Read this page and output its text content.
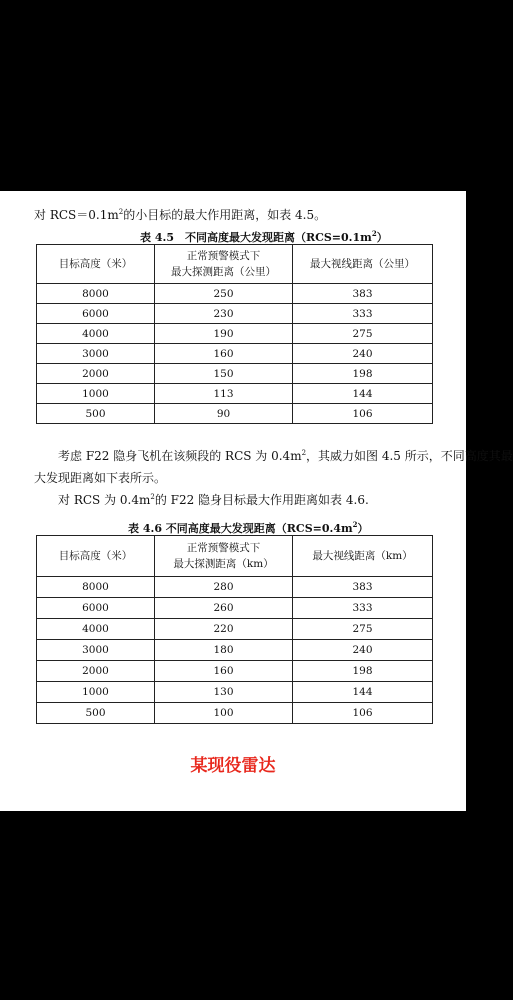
对 $RCS=0.1m^2$的小目标的最大作用距离，如表 4.5。

表 4.5　不同高度最大发现距离$(RCS=0.1m^2)$

目标高度（米）	正常预警模式下
最大探测距离（公里）	最大视线距离（公里）
8000	250	383
6000	230	333
4000	190	275
3000	160	240
2000	150	198
1000	113	144
500	90	106

　　考虑 F22 隐身飞机在该频段的 RCS 为 $0.4m^2$，其威力如图 4.5 所示，不同高度其最

大发现距离如下表所示。

　　对 RCS 为 $0.4m^2$的 F22 隐身目标最大作用距离如表 4.6.

表 4.6 不同高度最大发现距离$(RCS=0.4m^2)$

目标高度（米）	正常预警模式下
最大探测距离（km）	最大视线距离（km）
8000	280	383
6000	260	333
4000	220	275
3000	180	240
2000	160	198
1000	130	144
500	100	106

某现役雷达
